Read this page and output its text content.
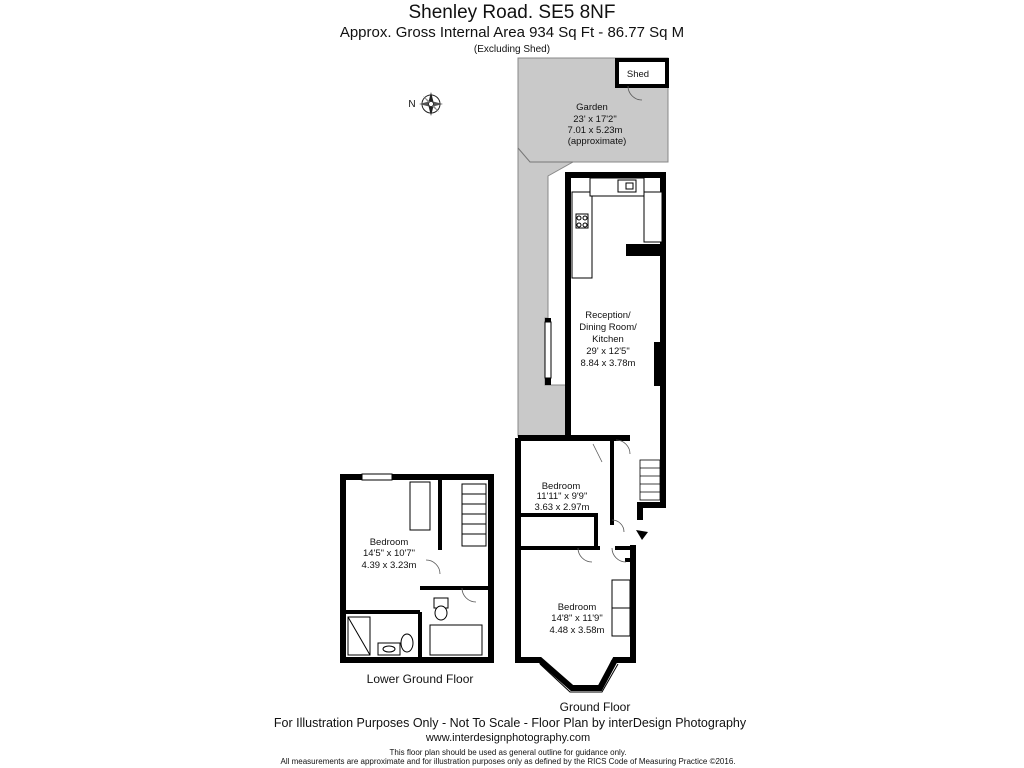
Shenley Road. SE5 8NF
Approx. Gross Internal Area 934 Sq Ft - 86.77 Sq M
(Excluding Shed)
N
Shed
Garden
23' x 17'2"
7.01 x 5.23m
(approximate)
Reception/
Dining Room/
Kitchen
29' x 12'5"
8.84 x 3.78m
Bedroom
11'11" x 9'9"
3.63 x 2.97m
Bedroom
14'8" x 11'9"
4.48 x 3.58m
Bedroom
14'5" x 10'7"
4.39 x 3.23m
Lower Ground Floor
Ground Floor
For Illustration Purposes Only - Not To Scale - Floor Plan by interDesign Photography
www.interdesignphotography.com
This floor plan should be used as general outline for guidance only.
All measurements are approximate and for illustration purposes only as defined by the RICS Code of Measuring Practice ©2016.
